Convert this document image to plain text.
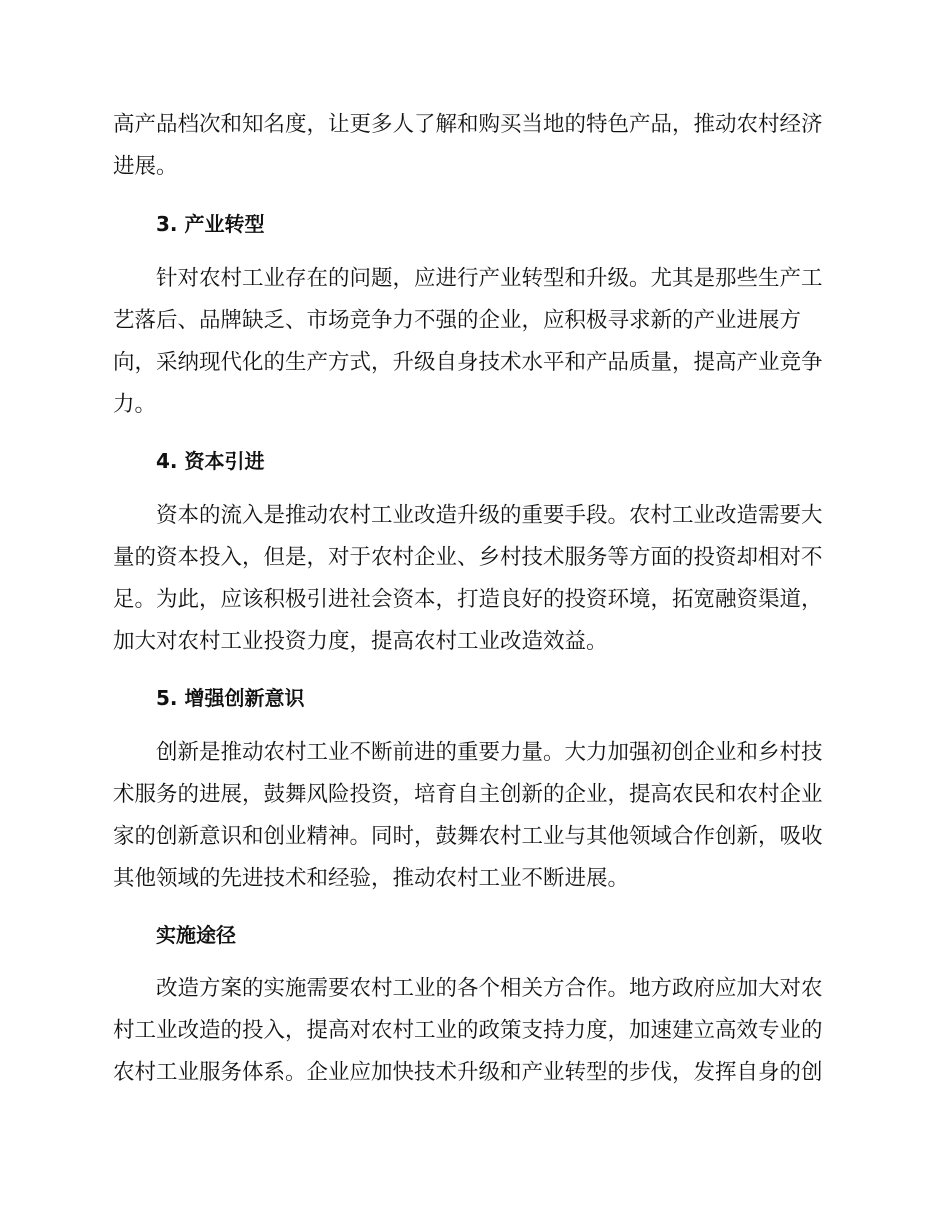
高产品档次和知名度，让更多人了解和购买当地的特色产品，推动农村经济
进展。
3. 产业转型
针对农村工业存在的问题，应进行产业转型和升级。尤其是那些生产工
艺落后、品牌缺乏、市场竞争力不强的企业，应积极寻求新的产业进展方
向，采纳现代化的生产方式，升级自身技术水平和产品质量，提高产业竞争
力。
4. 资本引进
资本的流入是推动农村工业改造升级的重要手段。农村工业改造需要大
量的资本投入，但是，对于农村企业、乡村技术服务等方面的投资却相对不
足。为此，应该积极引进社会资本，打造良好的投资环境，拓宽融资渠道，
加大对农村工业投资力度，提高农村工业改造效益。
5. 增强创新意识
创新是推动农村工业不断前进的重要力量。大力加强初创企业和乡村技
术服务的进展，鼓舞风险投资，培育自主创新的企业，提高农民和农村企业
家的创新意识和创业精神。同时，鼓舞农村工业与其他领域合作创新，吸收
其他领域的先进技术和经验，推动农村工业不断进展。
实施途径
改造方案的实施需要农村工业的各个相关方合作。地方政府应加大对农
村工业改造的投入，提高对农村工业的政策支持力度，加速建立高效专业的
农村工业服务体系。企业应加快技术升级和产业转型的步伐，发挥自身的创
